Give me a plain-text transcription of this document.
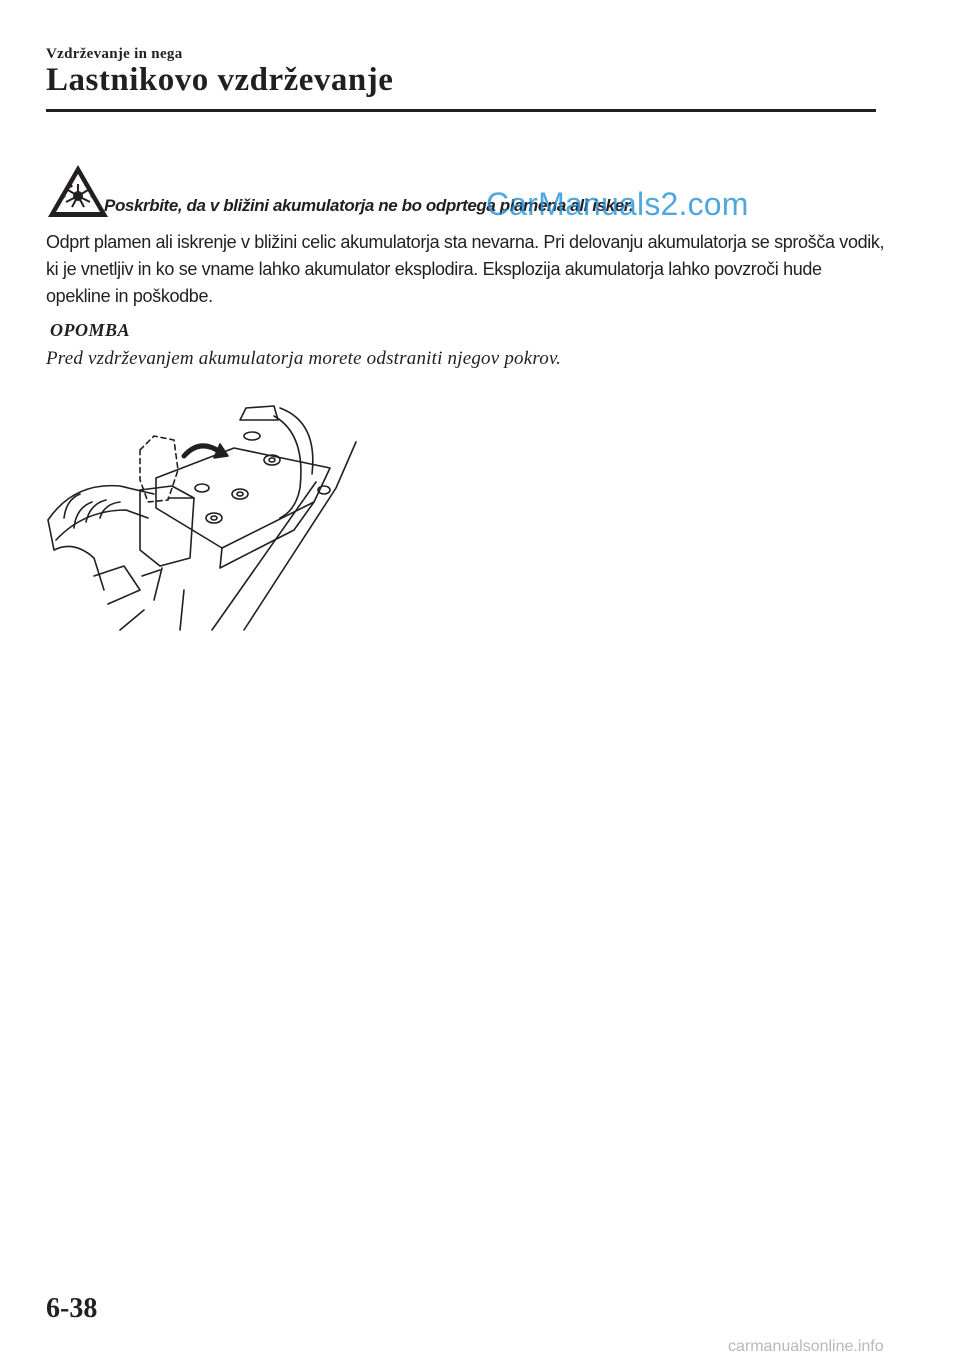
Vzdrževanje in nega
Lastnikovo vzdrževanje
Poskrbite, da v bližini akumulatorja ne bo odprtega plamena ali isker.
CarManuals2.com
Odprt plamen ali iskrenje v bližini celic akumulatorja sta nevarna. Pri delovanju akumulatorja se sprošča vodik, ki je vnetljiv in ko se vname lahko akumulator eksplodira. Eksplozija akumulatorja lahko povzroči hude opekline in poškodbe.
OPOMBA
Pred vzdrževanjem akumulatorja morete odstraniti njegov pokrov.
6-38
carmanualsonline.info
